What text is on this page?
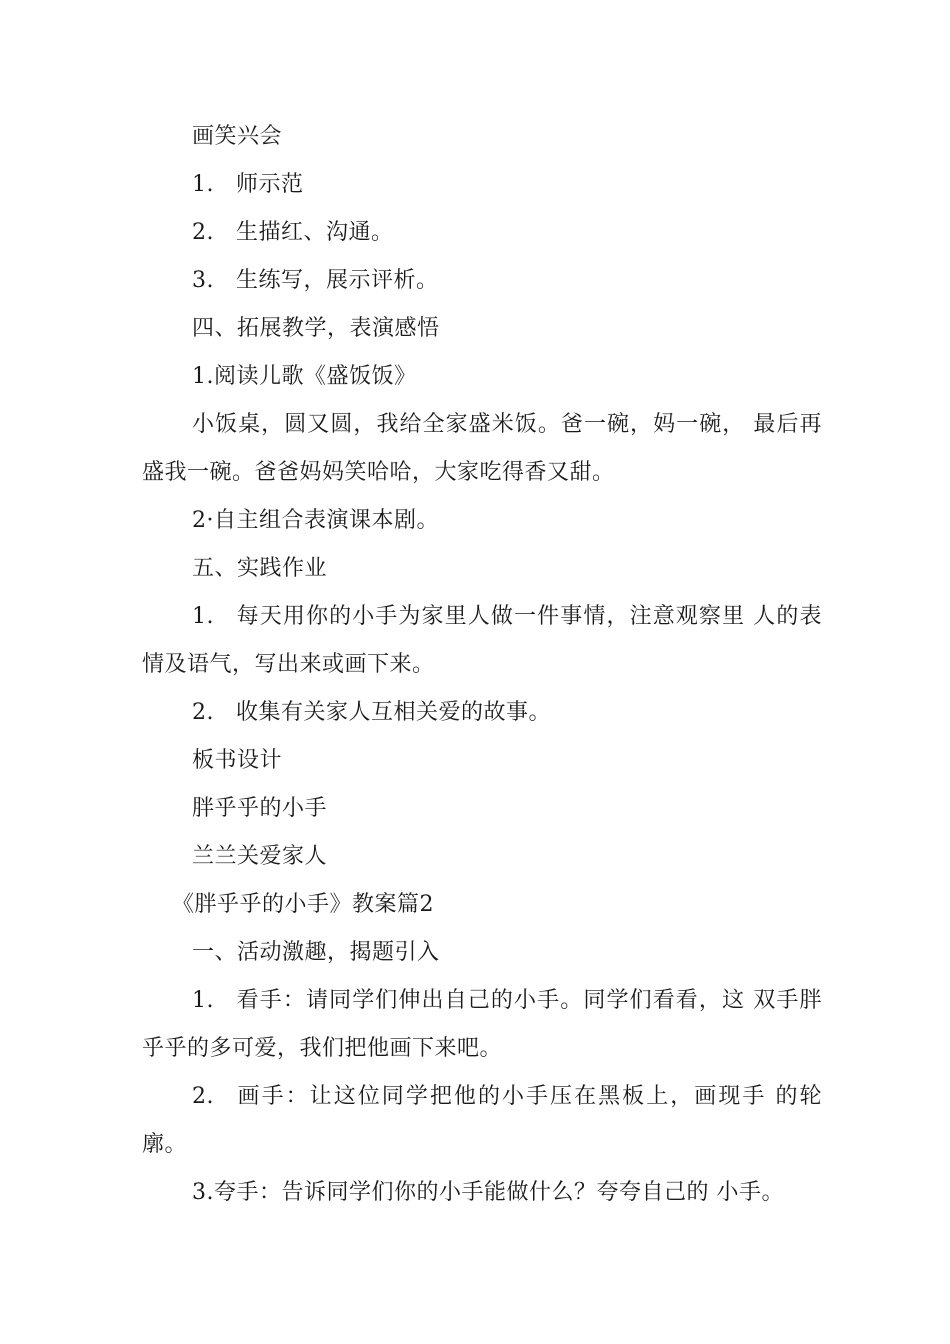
画笑兴会
1. 师示范
2. 生描红、沟通。
3. 生练写，展示评析。
四、拓展教学，表演感悟
1.阅读儿歌《盛饭饭》
小饭桌，圆又圆，我给全家盛米饭。爸一碗，妈一碗， 最后再盛我一碗。爸爸妈妈笑哈哈，大家吃得香又甜。
2·自主组合表演课本剧。
五、实践作业
1. 每天用你的小手为家里人做一件事情，注意观察里 人的表情及语气，写出来或画下来。
2. 收集有关家人互相关爱的故事。
板书设计
胖乎乎的小手
兰兰关爱家人
《胖乎乎的小手》教案篇2
一、活动激趣，揭题引入
1. 看手：请同学们伸出自己的小手。同学们看看，这 双手胖乎乎的多可爱，我们把他画下来吧。
2. 画手：让这位同学把他的小手压在黑板上，画现手 的轮廓。
3.夸手：告诉同学们你的小手能做什么？夸夸自己的 小手。
